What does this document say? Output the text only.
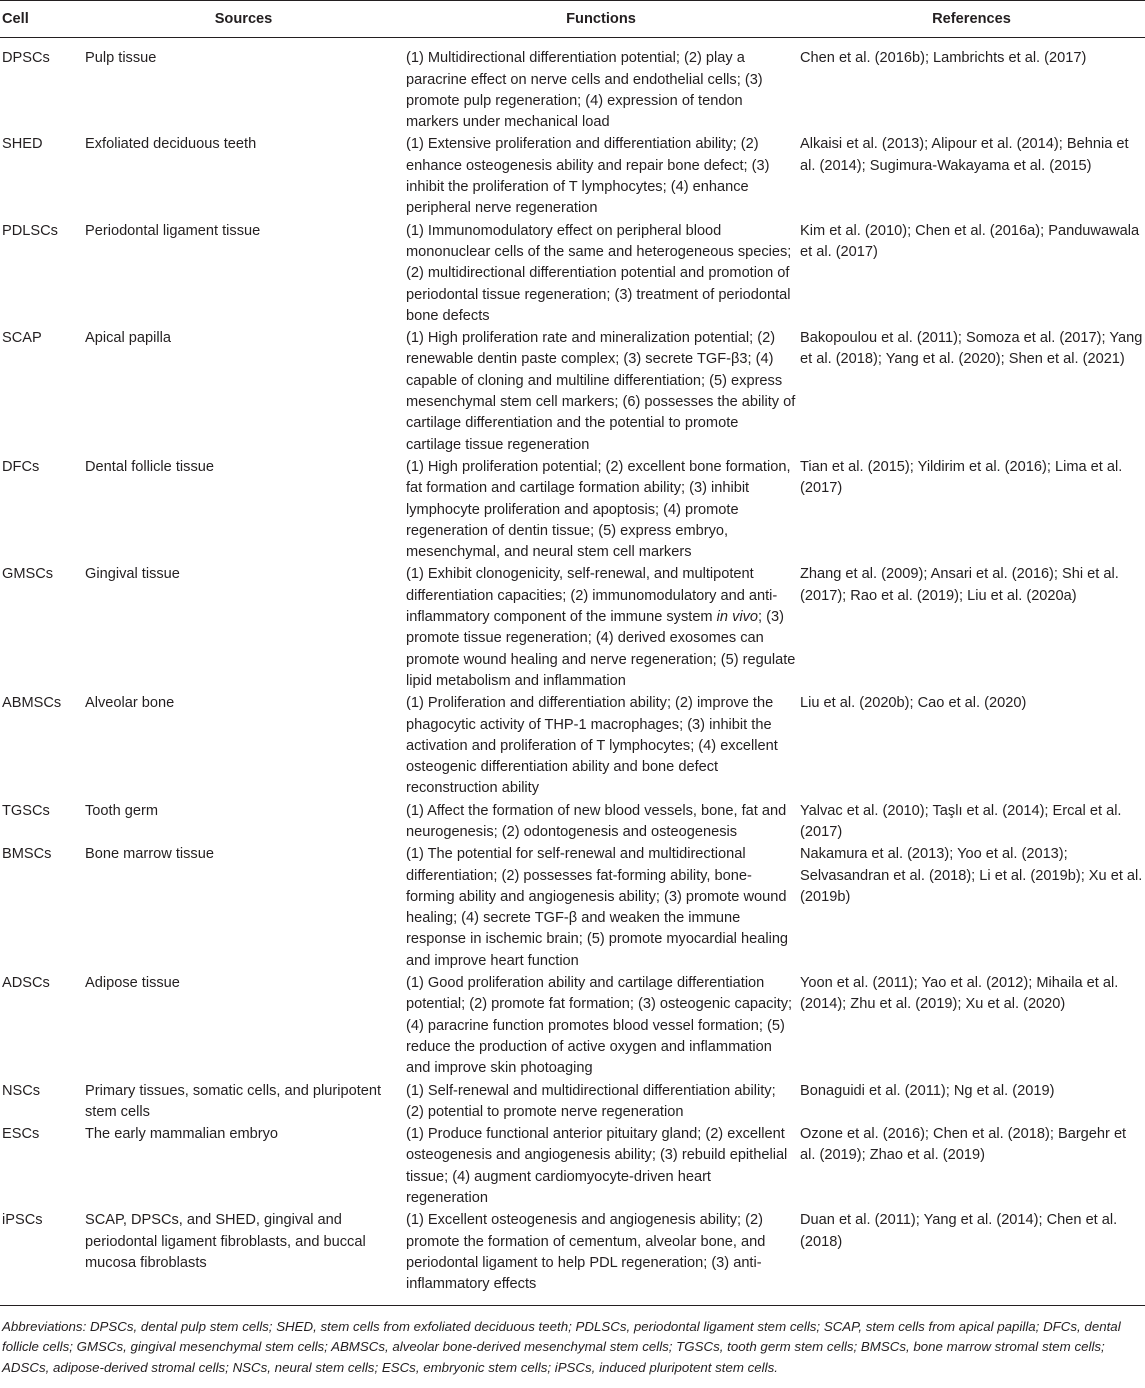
Cell	Sources	Functions	References
DPSCs	Pulp tissue	(1) Multidirectional differentiation potential; (2) play a paracrine effect on nerve cells and endothelial cells; (3) promote pulp regeneration; (4) expression of tendon markers under mechanical load	Chen et al. (2016b); Lambrichts et al. (2017)
SHED	Exfoliated deciduous teeth	(1) Extensive proliferation and differentiation ability; (2) enhance osteogenesis ability and repair bone defect; (3) inhibit the proliferation of T lymphocytes; (4) enhance peripheral nerve regeneration	Alkaisi et al. (2013); Alipour et al. (2014); Behnia et al. (2014); Sugimura-Wakayama et al. (2015)
PDLSCs	Periodontal ligament tissue	(1) Immunomodulatory effect on peripheral blood mononuclear cells of the same and heterogeneous species; (2) multidirectional differentiation potential and promotion of periodontal tissue regeneration; (3) treatment of periodontal bone defects	Kim et al. (2010); Chen et al. (2016a); Panduwawala et al. (2017)
SCAP	Apical papilla	(1) High proliferation rate and mineralization potential; (2) renewable dentin paste complex; (3) secrete TGF-β3; (4) capable of cloning and multiline differentiation; (5) express mesenchymal stem cell markers; (6) possesses the ability of cartilage differentiation and the potential to promote cartilage tissue regeneration	Bakopoulou et al. (2011); Somoza et al. (2017); Yang et al. (2018); Yang et al. (2020); Shen et al. (2021)
DFCs	Dental follicle tissue	(1) High proliferation potential; (2) excellent bone formation, fat formation and cartilage formation ability; (3) inhibit lymphocyte proliferation and apoptosis; (4) promote regeneration of dentin tissue; (5) express embryo, mesenchymal, and neural stem cell markers	Tian et al. (2015); Yildirim et al. (2016); Lima et al. (2017)
GMSCs	Gingival tissue	(1) Exhibit clonogenicity, self-renewal, and multipotent differentiation capacities; (2) immunomodulatory and anti-inflammatory component of the immune system in vivo; (3) promote tissue regeneration; (4) derived exosomes can promote wound healing and nerve regeneration; (5) regulate lipid metabolism and inflammation	Zhang et al. (2009); Ansari et al. (2016); Shi et al. (2017); Rao et al. (2019); Liu et al. (2020a)
ABMSCs	Alveolar bone	(1) Proliferation and differentiation ability; (2) improve the phagocytic activity of THP-1 macrophages; (3) inhibit the activation and proliferation of T lymphocytes; (4) excellent osteogenic differentiation ability and bone defect reconstruction ability	Liu et al. (2020b); Cao et al. (2020)
TGSCs	Tooth germ	(1) Affect the formation of new blood vessels, bone, fat and neurogenesis; (2) odontogenesis and osteogenesis	Yalvac et al. (2010); Taşlı et al. (2014); Ercal et al. (2017)
BMSCs	Bone marrow tissue	(1) The potential for self-renewal and multidirectional differentiation; (2) possesses fat-forming ability, bone-forming ability and angiogenesis ability; (3) promote wound healing; (4) secrete TGF-β and weaken the immune response in ischemic brain; (5) promote myocardial healing and improve heart function	Nakamura et al. (2013); Yoo et al. (2013); Selvasandran et al. (2018); Li et al. (2019b); Xu et al. (2019b)
ADSCs	Adipose tissue	(1) Good proliferation ability and cartilage differentiation potential; (2) promote fat formation; (3) osteogenic capacity; (4) paracrine function promotes blood vessel formation; (5) reduce the production of active oxygen and inflammation and improve skin photoaging	Yoon et al. (2011); Yao et al. (2012); Mihaila et al. (2014); Zhu et al. (2019); Xu et al. (2020)
NSCs	Primary tissues, somatic cells, and pluripotent stem cells	(1) Self-renewal and multidirectional differentiation ability; (2) potential to promote nerve regeneration	Bonaguidi et al. (2011); Ng et al. (2019)
ESCs	The early mammalian embryo	(1) Produce functional anterior pituitary gland; (2) excellent osteogenesis and angiogenesis ability; (3) rebuild epithelial tissue; (4) augment cardiomyocyte-driven heart regeneration	Ozone et al. (2016); Chen et al. (2018); Bargehr et al. (2019); Zhao et al. (2019)
iPSCs	SCAP, DPSCs, and SHED, gingival and periodontal ligament fibroblasts, and buccal mucosa fibroblasts	(1) Excellent osteogenesis and angiogenesis ability; (2) promote the formation of cementum, alveolar bone, and periodontal ligament to help PDL regeneration; (3) anti-inflammatory effects	Duan et al. (2011); Yang et al. (2014); Chen et al. (2018)
Abbreviations: DPSCs, dental pulp stem cells; SHED, stem cells from exfoliated deciduous teeth; PDLSCs, periodontal ligament stem cells; SCAP, stem cells from apical papilla; DFCs, dental follicle cells; GMSCs, gingival mesenchymal stem cells; ABMSCs, alveolar bone-derived mesenchymal stem cells; TGSCs, tooth germ stem cells; BMSCs, bone marrow stromal stem cells; ADSCs, adipose-derived stromal cells; NSCs, neural stem cells; ESCs, embryonic stem cells; iPSCs, induced pluripotent stem cells.
